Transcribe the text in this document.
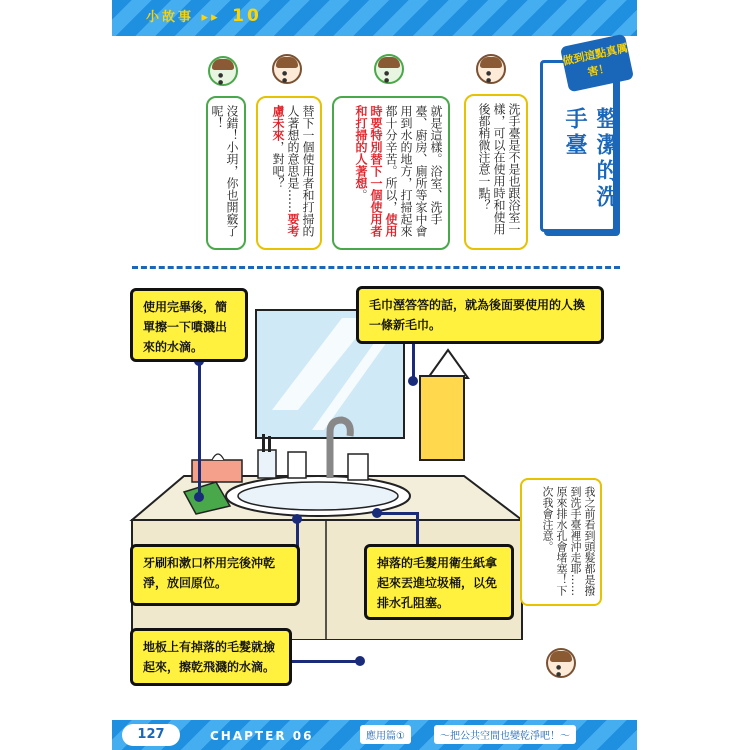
小故事 ▸▸ 10
● ●
● ●
● ●
● ●
洗手臺是不是也跟浴室一樣，可以在使用時和使用後都稍微注意一點？
就是這樣。浴室、洗手臺、廚房、廁所等家中會用到水的地方，打掃起來都十分辛苦。所以，使用時要特別替下一個使用者和打掃的人著想。
替下一個使用者和打掃的人著想的意思是……要考慮未來，對吧？
沒錯！小玥，你也開竅了呢！	整潔的洗手臺
做到這點真厲害！
使用完畢後，簡單擦一下噴濺出來的水滴。
毛巾溼答答的話，就為後面要使用的人換一條新毛巾。
牙刷和漱口杯用完後沖乾淨，放回原位。
掉落的毛髮用衛生紙拿起來丟進垃圾桶，以免排水孔阻塞。
地板上有掉落的毛髮就撿起來，擦乾飛濺的水滴。
我之前看到頭髮都是撥到洗手臺裡沖走耶……原來排水孔會堵塞！下次我會注意。
● ●
127	CHAPTER 06	應用篇①	～把公共空間也變乾淨吧！～
